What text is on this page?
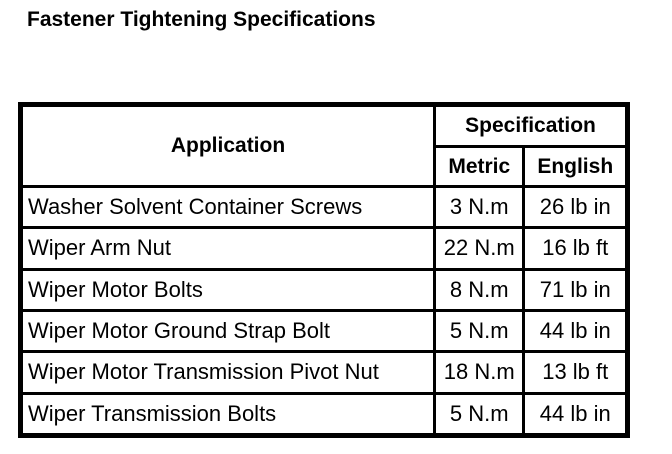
Fastener Tightening Specifications
Application	Specification	
	Metric	English
Washer Solvent Container Screws	3 N.m	26 lb in
Wiper Arm Nut	22 N.m	16 lb ft
Wiper Motor Bolts	8 N.m	71 lb in
Wiper Motor Ground Strap Bolt	5 N.m	44 lb in
Wiper Motor Transmission Pivot Nut	18 N.m	13 lb ft
Wiper Transmission Bolts	5 N.m	44 lb in
